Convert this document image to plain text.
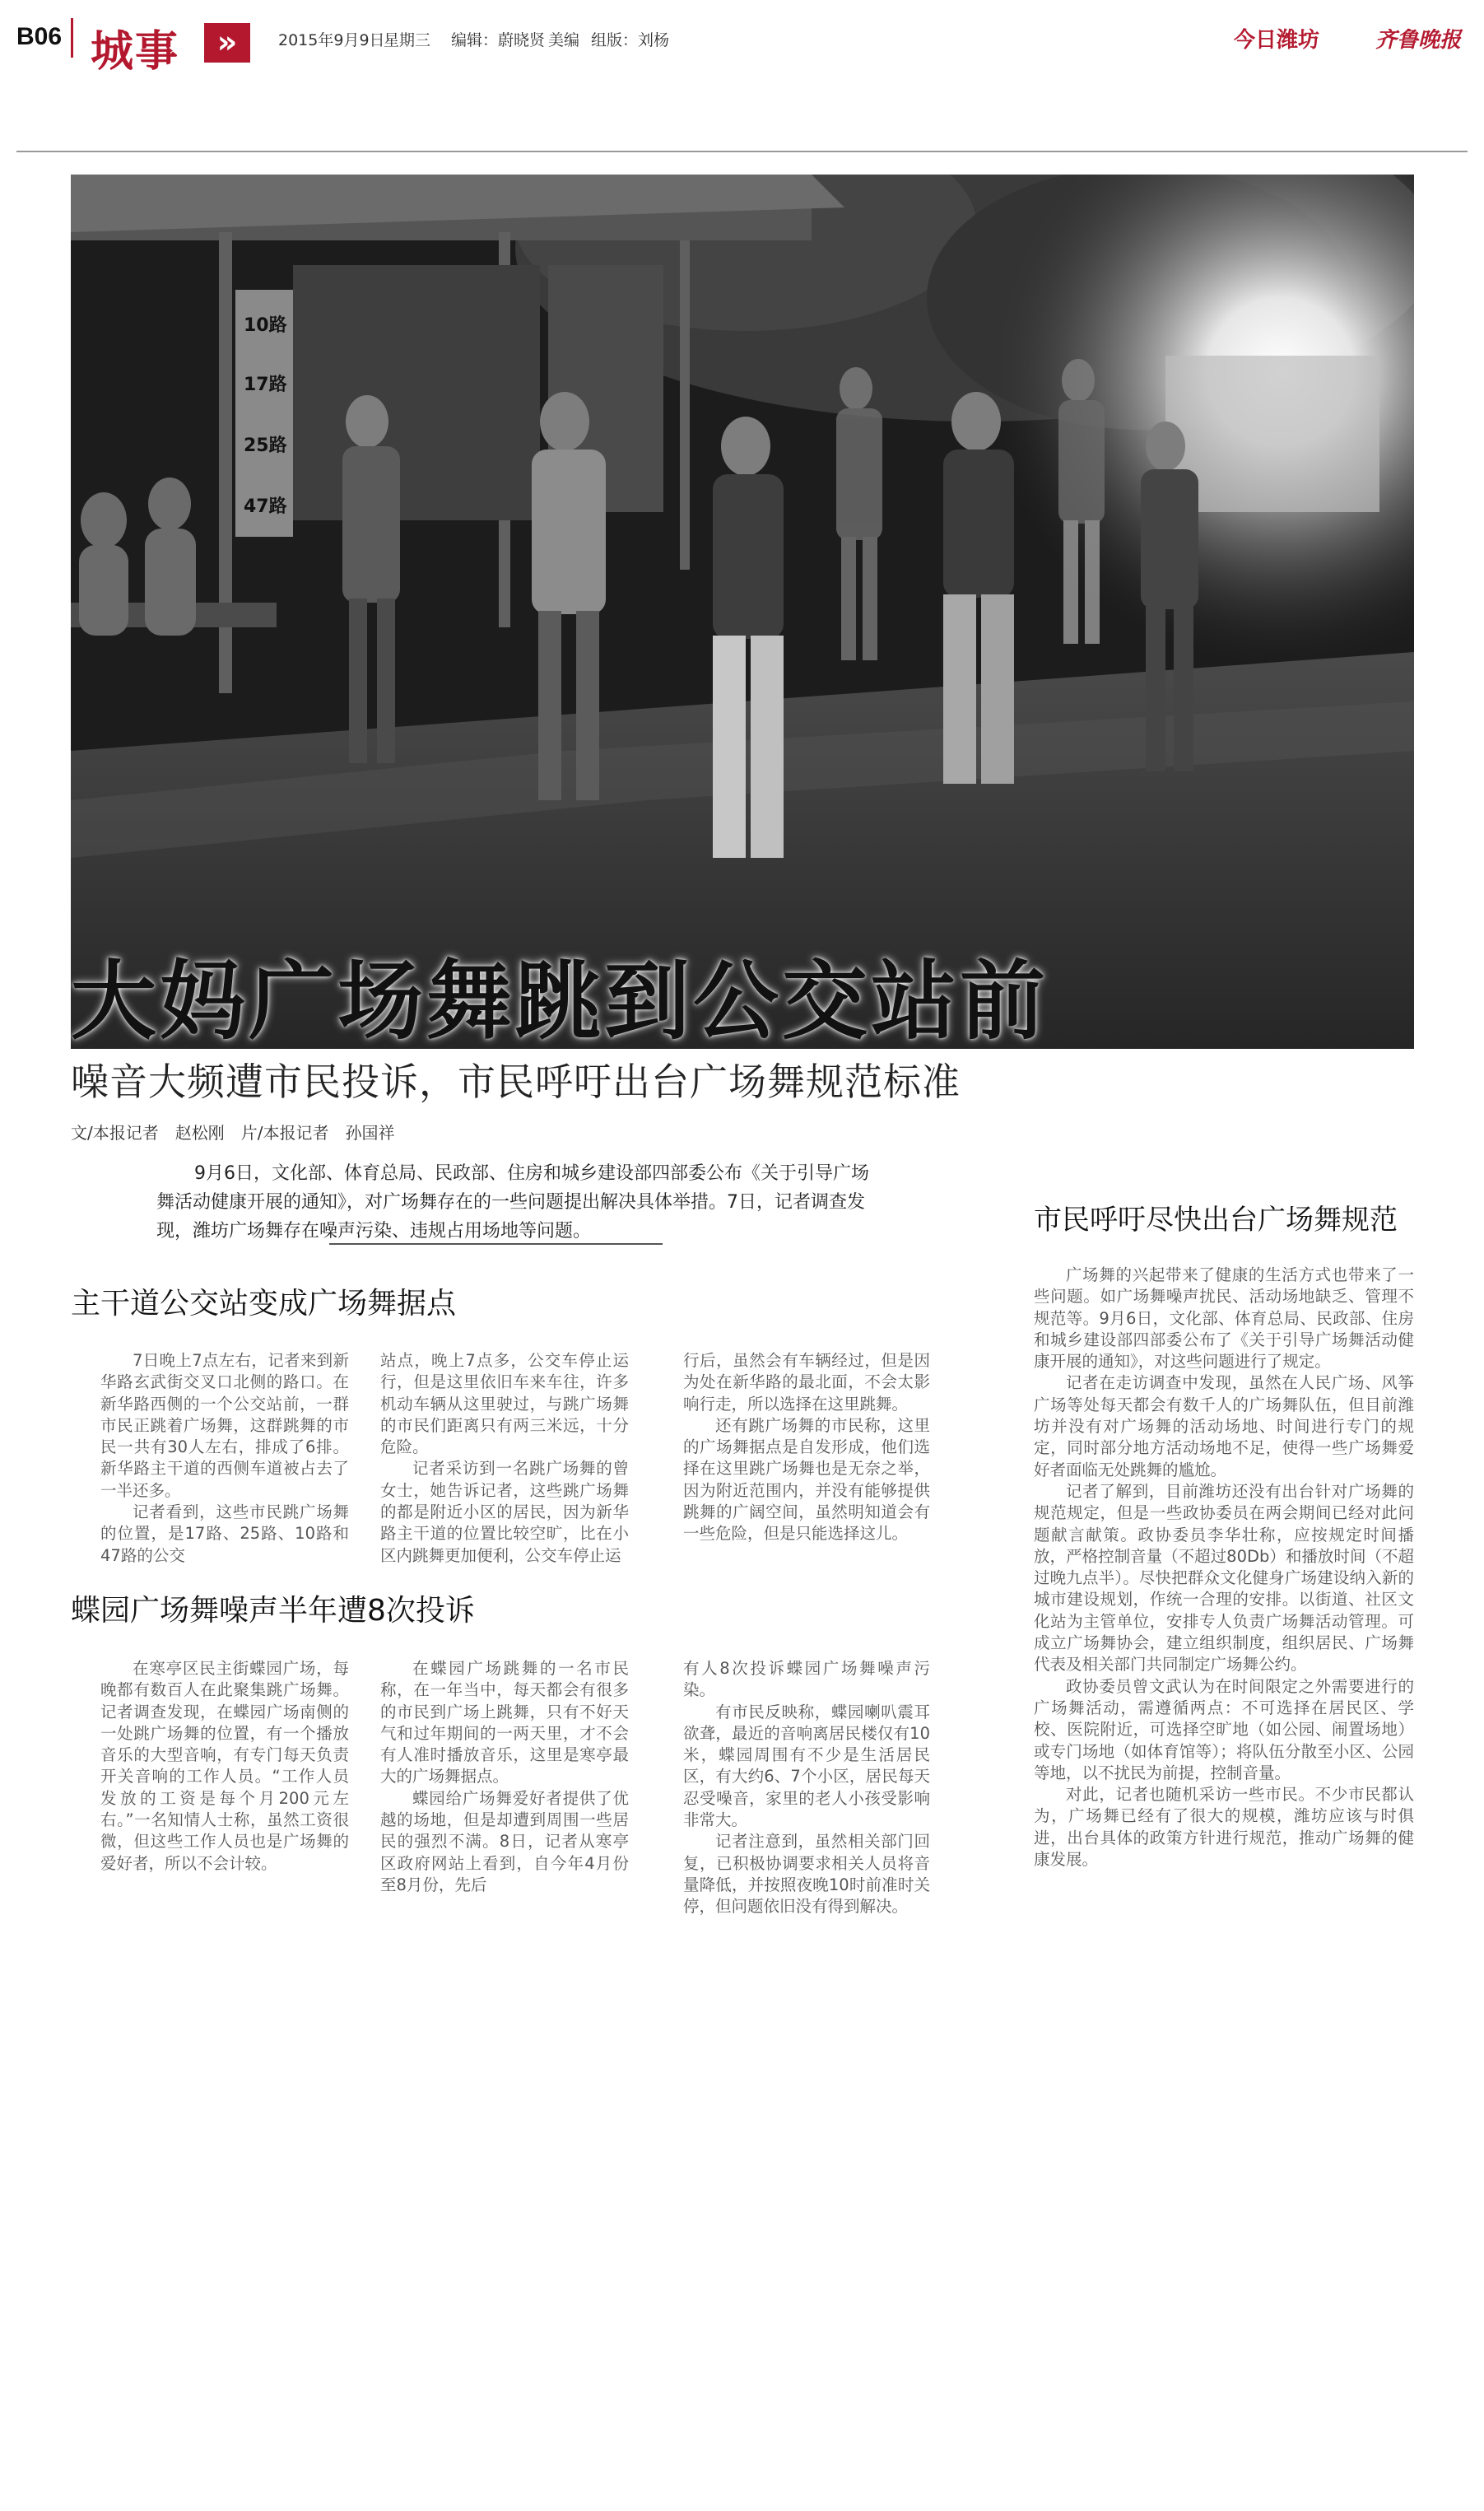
B06 城事	»	2015年9月9日
星期三 编辑：蔚晓贤 美编 组版：刘杨	今日潍坊	齐鲁晚报
大妈广场舞跳到公交站前
噪音大频遭市民投诉，市民呼吁出台广场舞规范标准
文/本报记者　赵松刚　片/本报记者　孙国祥
9月6日，文化部、体育总局、民政部、住房和城乡建设部四部委公布《关于引导广场舞活动健康开展的通知》，对广场舞存在的一些问题提出解决具体举措。7日，记者调查发现，潍坊广场舞存在噪声污染、违规占用场地等问题。	市民呼吁尽快出台广场舞规范
主干道公交站变成广场舞据点

7日晚上7点左右，记者来到新华路玄武街交叉口北侧的路口。在新华路西侧的一个公交站前，一群市民正跳着广场舞，这群跳舞的市民一共有30人左右，排成了6排。新华路主干道的西侧车道被占去了一半还多。

记者看到，这些市民跳广场舞的位置，是17路、25路、10路和47路的公交

站点，晚上7点多，公交车停止运行，但是这里依旧车来车往，许多机动车辆从这里驶过，与跳广场舞的市民们距离只有两三米远，十分危险。

记者采访到一名跳广场舞的曾女士，她告诉记者，这些跳广场舞的都是附近小区的居民，因为新华路主干道的位置比较空旷，比在小区内跳舞更加便利，公交车停止运

行后，虽然会有车辆经过，但是因为处在新华路的最北面，不会太影响行走，所以选择在这里跳舞。

还有跳广场舞的市民称，这里的广场舞据点是自发形成，他们选择在这里跳广场舞也是无奈之举，因为附近范围内，并没有能够提供跳舞的广阔空间，虽然明知道会有一些危险，但是只能选择这儿。

蝶园广场舞噪声半年遭8次投诉

在寒亭区民主街蝶园广场，每晚都有数百人在此聚集跳广场舞。记者调查发现，在蝶园广场南侧的一处跳广场舞的位置，有一个播放音乐的大型音响，有专门每天负责开关音响的工作人员。“工作人员发放的工资是每个月200元左右。”一名知情人士称，虽然工资很微，但这些工作人员也是广场舞的爱好者，所以不会计较。

在蝶园广场跳舞的一名市民称，在一年当中，每天都会有很多的市民到广场上跳舞，只有不好天气和过年期间的一两天里，才不会有人准时播放音乐，这里是寒亭最大的广场舞据点。

蝶园给广场舞爱好者提供了优越的场地，但是却遭到周围一些居民的强烈不满。8日，记者从寒亭区政府网站上看到，自今年4月份至8月份，先后

有人8次投诉蝶园广场舞噪声污染。

有市民反映称，蝶园喇叭震耳欲聋，最近的音响离居民楼仅有10米，蝶园周围有不少是生活居民区，有大约6、7个小区，居民每天忍受噪音，家里的老人小孩受影响非常大。

记者注意到，虽然相关部门回复，已积极协调要求相关人员将音量降低，并按照夜晚10时前准时关停，但问题依旧没有得到解决。

广场舞的兴起带来了健康的生活方式也带来了一些问题。如广场舞噪声扰民、活动场地缺乏、管理不规范等。9月6日，文化部、体育总局、民政部、住房和城乡建设部四部委公布了《关于引导广场舞活动健康开展的通知》，对这些问题进行了规定。

记者在走访调查中发现，虽然在人民广场、风筝广场等处每天都会有数千人的广场舞队伍，但目前潍坊并没有对广场舞的活动场地、时间进行专门的规定，同时部分地方活动场地不足，使得一些广场舞爱好者面临无处跳舞的尴尬。

记者了解到，目前潍坊还没有出台针对广场舞的规范规定，但是一些政协委员在两会期间已经对此问题献言献策。政协委员李华壮称，应按规定时间播放，严格控制音量（不超过80Db）和播放时间（不超过晚九点半）。尽快把群众文化健身广场建设纳入新的城市建设规划，作统一合理的安排。以街道、社区文化站为主管单位，安排专人负责广场舞活动管理。可成立广场舞协会，建立组织制度，组织居民、广场舞代表及相关部门共同制定广场舞公约。

政协委员曾文武认为在时间限定之外需要进行的广场舞活动，需遵循两点：不可选择在居民区、学校、医院附近，可选择空旷地（如公园、闹置场地）或专门场地（如体育馆等）；将队伍分散至小区、公园等地，以不扰民为前提，控制音量。

对此，记者也随机采访一些市民。不少市民都认为，广场舞已经有了很大的规模，潍坊应该与时俱进，出台具体的政策方针进行规范，推动广场舞的健康发展。
